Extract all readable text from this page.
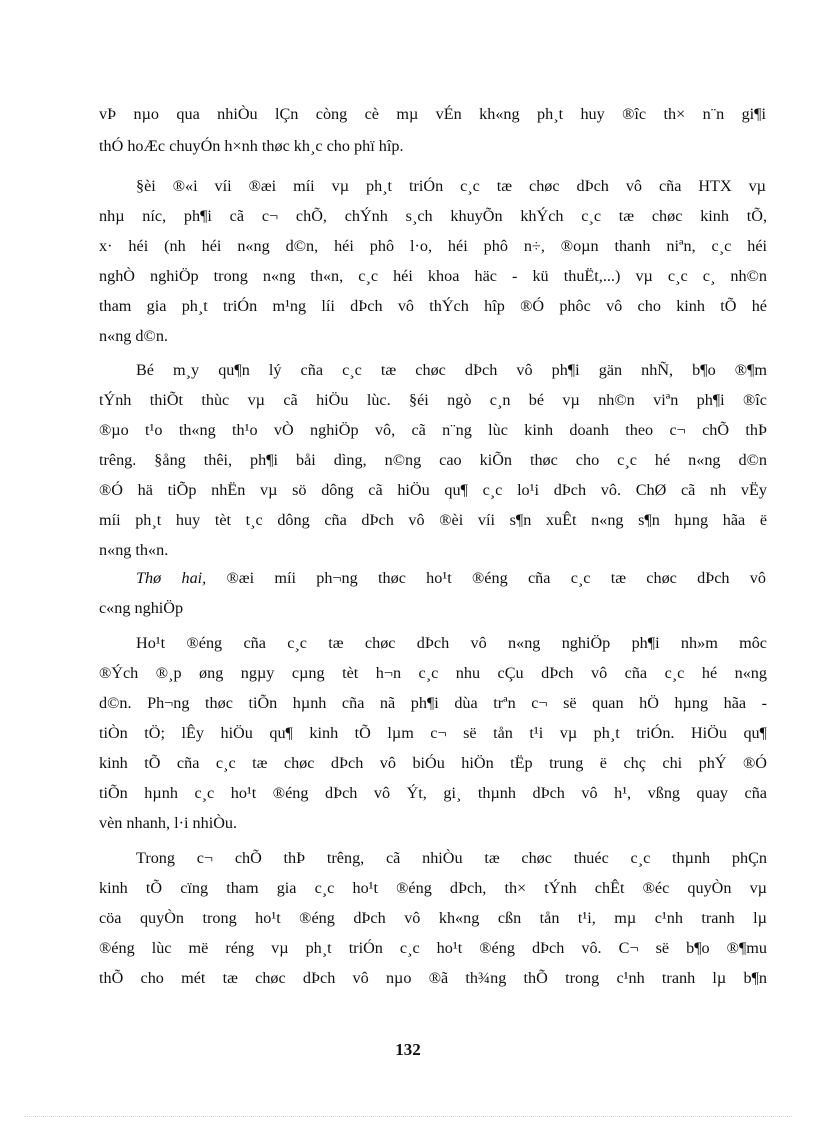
vÞ nµo qua nhiÒu lÇn còng cè mµ vÉn kh«ng ph¸t huy ®îc th× n¨n gi¶i
thÓ hoÆc chuyÓn h×nh thøc kh¸c cho phï hîp.
§èi ®«i víi ®æi míi vµ ph¸t triÓn c¸c tæ chøc dÞch vô cña HTX vµ
nhµ níc, ph¶i cã c¬ chÕ, chÝnh s¸ch khuyÕn khÝch c¸c tæ chøc kinh tÕ,
x· héi (nh héi n«ng d©n, héi phô l·o, héi phô n÷, ®oµn thanh niªn, c¸c héi
nghÒ nghiÖp trong n«ng th«n, c¸c héi khoa häc - kü thuËt,...) vµ c¸c c¸ nh©n
tham gia ph¸t triÓn m¹ng líi dÞch vô thÝch hîp ®Ó phôc vô cho kinh tÕ hé
n«ng d©n.
Bé m¸y qu¶n lý cña c¸c tæ chøc dÞch vô ph¶i gän nhÑ, b¶o ®¶m
tÝnh thiÕt thùc vµ cã hiÖu lùc. §éi ngò c¸n bé vµ nh©n viªn ph¶i ®îc
®µo t¹o th«ng th¹o vÒ nghiÖp vô, cã n¨ng lùc kinh doanh theo c¬ chÕ thÞ
trêng. §ång thêi, ph¶i båi dìng, n©ng cao kiÕn thøc cho c¸c hé n«ng d©n
®Ó hä tiÕp nhËn vµ sö dông cã hiÖu qu¶ c¸c lo¹i dÞch vô. ChØ cã nh vËy
míi ph¸t huy tèt t¸c dông cña dÞch vô ®èi víi s¶n xuÊt n«ng s¶n hµng hãa ë
n«ng th«n.
Thø hai, ®æi míi ph¬ng thøc ho¹t ®éng cña c¸c tæ chøc dÞch vô
c«ng nghiÖp
Ho¹t ®éng cña c¸c tæ chøc dÞch vô n«ng nghiÖp ph¶i nh»m môc
®Ých ®¸p øng ngµy cµng tèt h¬n c¸c nhu cÇu dÞch vô cña c¸c hé n«ng
d©n. Ph¬ng thøc tiÕn hµnh cña nã ph¶i dùa trªn c¬ së quan hÖ hµng hãa -
tiÒn tÖ; lÊy hiÖu qu¶ kinh tÕ lµm c¬ së tån t¹i vµ ph¸t triÓn. HiÖu qu¶
kinh tÕ cña c¸c tæ chøc dÞch vô biÓu hiÖn tËp trung ë chç chi phÝ ®Ó
tiÕn hµnh c¸c ho¹t ®éng dÞch vô Ýt, gi¸ thµnh dÞch vô h¹, vßng quay cña
vèn nhanh, l·i nhiÒu.
Trong c¬ chÕ thÞ trêng, cã nhiÒu tæ chøc thuéc c¸c thµnh phÇn
kinh tÕ cïng tham gia c¸c ho¹t ®éng dÞch, th× tÝnh chÊt ®éc quyÒn vµ
cöa quyÒn trong ho¹t ®éng dÞch vô kh«ng cßn tån t¹i, mµ c¹nh tranh lµ
®éng lùc më réng vµ ph¸t triÓn c¸c ho¹t ®éng dÞch vô. C¬ së b¶o ®¶mu
thÕ cho mét tæ chøc dÞch vô nµo ®ã th¾ng thÕ trong c¹nh tranh lµ b¶n
132
